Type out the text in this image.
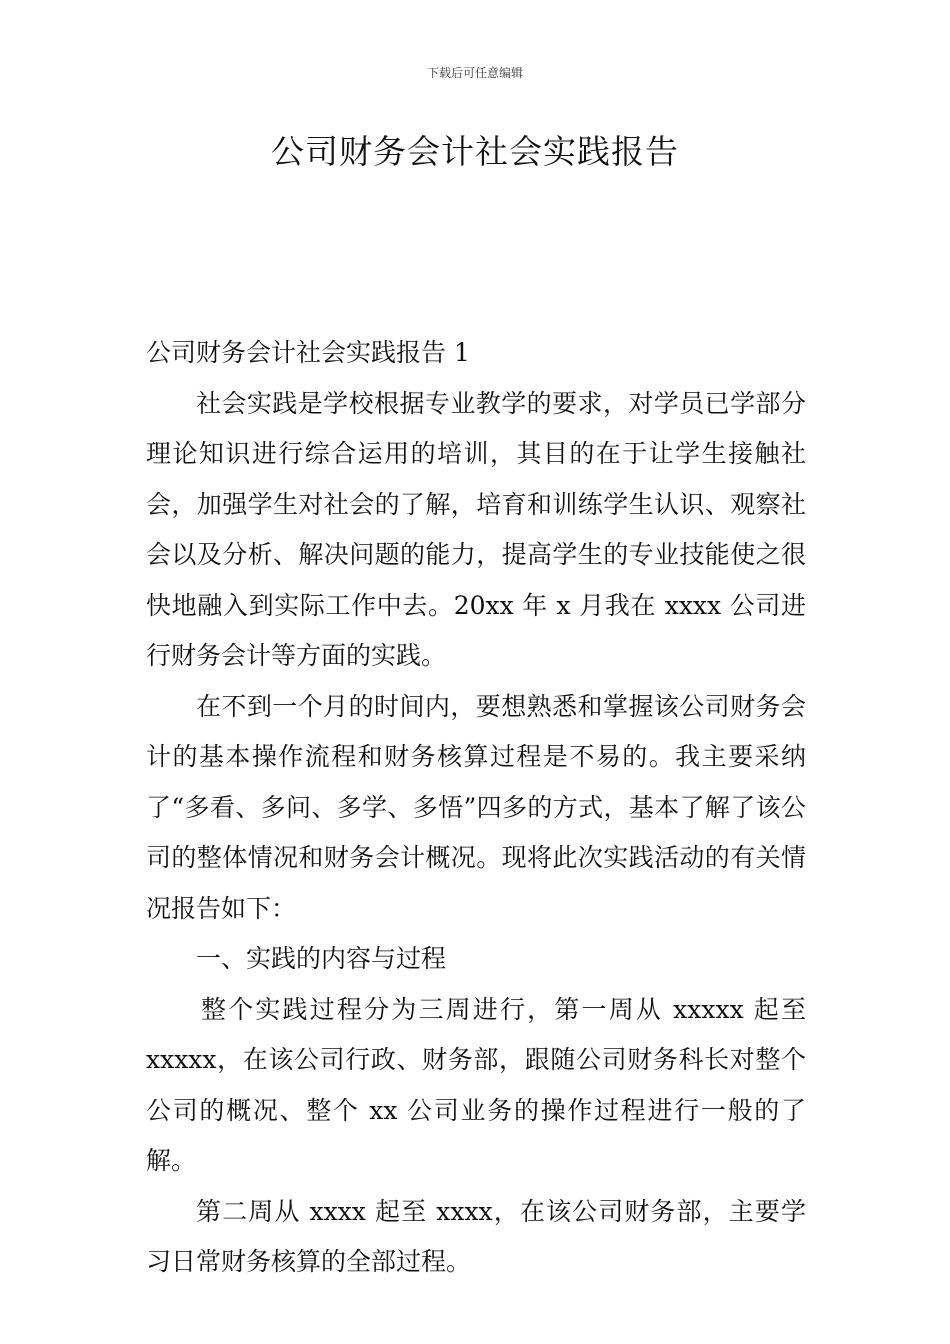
下载后可任意编辑
公司财务会计社会实践报告

公司财务会计社会实践报告 1

社会实践是学校根据专业教学的要求，对学员已学部分理论知识进行综合运用的培训，其目的在于让学生接触社会，加强学生对社会的了解，培育和训练学生认识、观察社会以及分析、解决问题的能力，提高学生的专业技能使之很快地融入到实际工作中去。20xx 年 x 月我在 xxxx 公司进行财务会计等方面的实践。

在不到一个月的时间内，要想熟悉和掌握该公司财务会计的基本操作流程和财务核算过程是不易的。我主要采纳了“多看、多问、多学、多悟”四多的方式，基本了解了该公司的整体情况和财务会计概况。现将此次实践活动的有关情况报告如下：

一、实践的内容与过程

整个实践过程分为三周进行，第一周从 xxxxx 起至 xxxxx，在该公司行政、财务部，跟随公司财务科长对整个公司的概况、整个 xx 公司业务的操作过程进行一般的了解。

第二周从 xxxx 起至 xxxx，在该公司财务部，主要学习日常财务核算的全部过程。
